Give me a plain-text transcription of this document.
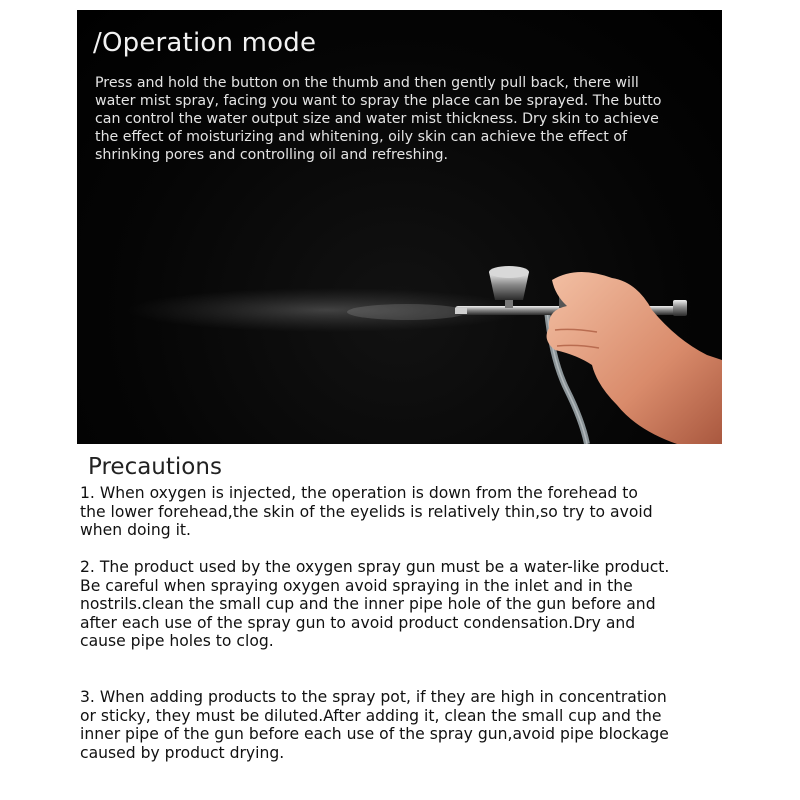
/Operation mode
Press and hold the button on the thumb and then gently pull back, there will
water mist spray, facing you want to spray the place can be sprayed. The butto
can control the water output size and water mist thickness. Dry skin to achieve
the effect of moisturizing and whitening, oily skin can achieve the effect of
shrinking pores and controlling oil and refreshing.
Precautions
1. When oxygen is injected, the operation is down from the forehead to
the lower forehead,the skin of the eyelids is relatively thin,so try to avoid
when doing it.
2. The product used by the oxygen spray gun must be a water-like product.
Be careful when spraying oxygen avoid spraying in the inlet and in the
nostrils.clean the small cup and the inner pipe hole of the gun before and
after each use of the spray gun to avoid product condensation.Dry and
cause pipe holes to clog.
3. When adding products to the spray pot, if they are high in concentration
or sticky, they must be diluted.After adding it, clean the small cup and the
inner pipe of the gun before each use of the spray gun,avoid pipe blockage
caused by product drying.
